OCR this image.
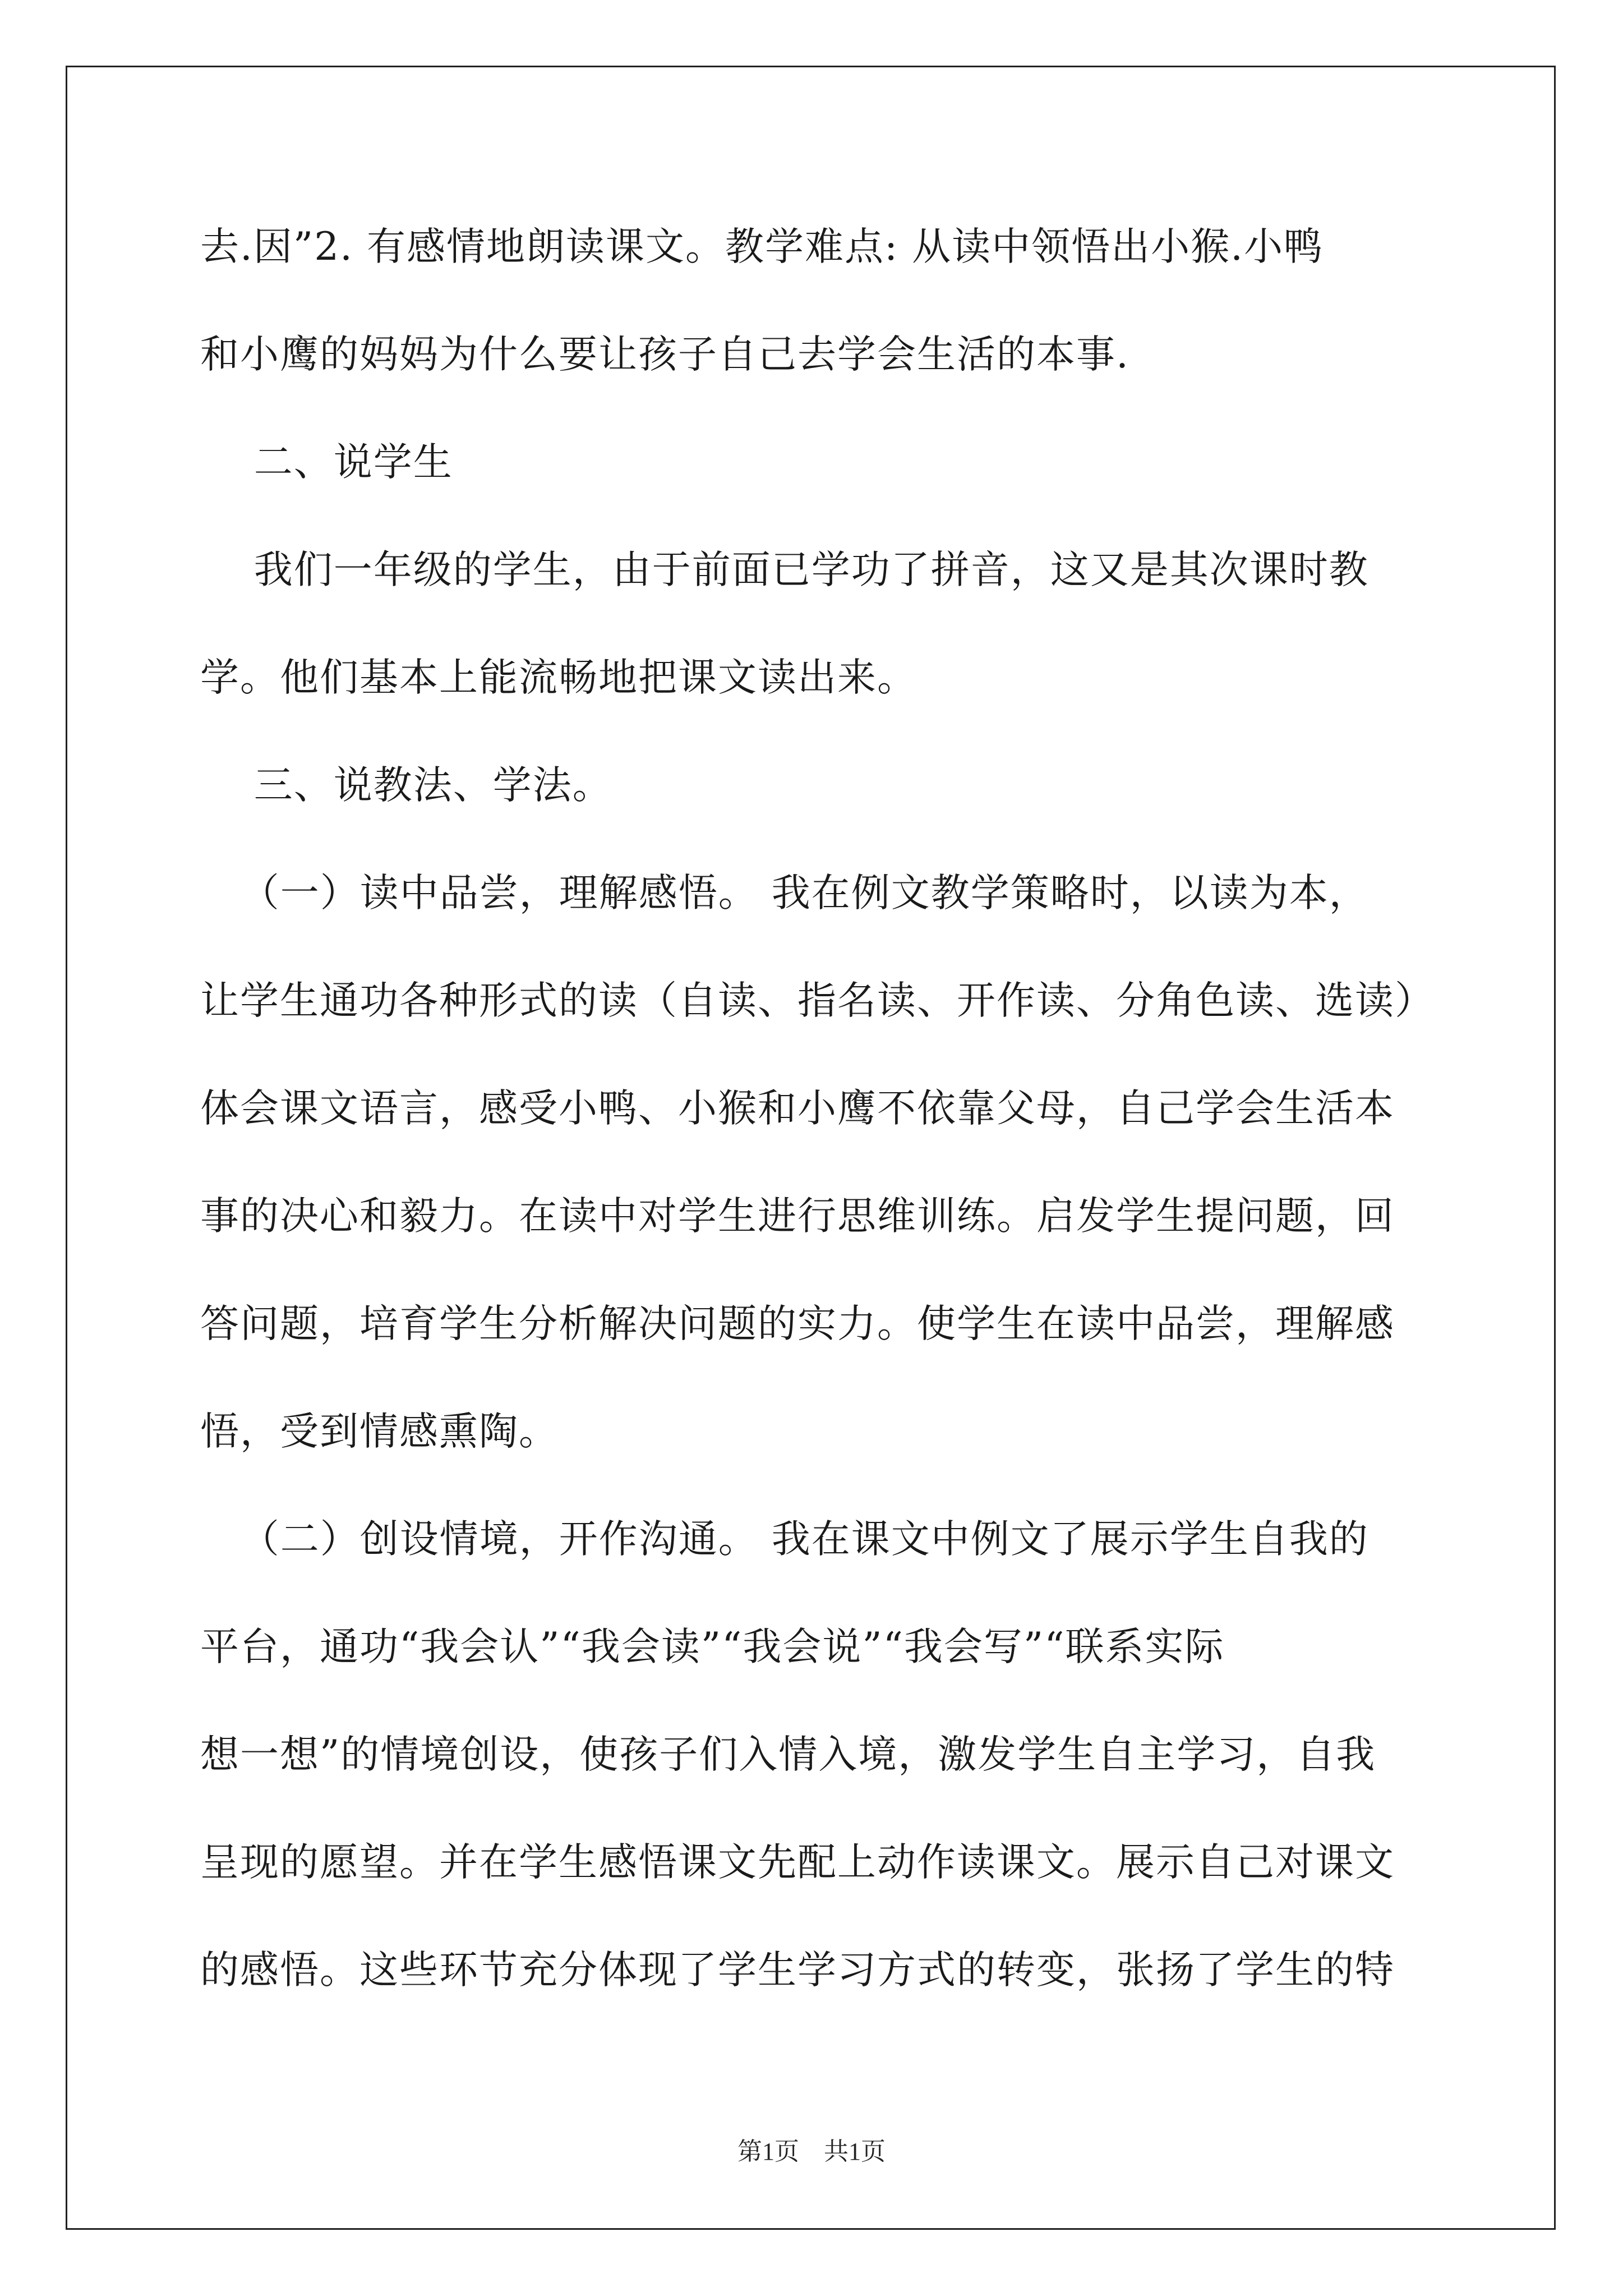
去.因”2. 有感情地朗读课文。教学难点: 从读中领悟出小猴.小鸭
和小鹰的妈妈为什么要让孩子自己去学会生活的本事.
二、说学生
我们一年级的学生，由于前面已学功了拼音，这又是其次课时教
学。他们基本上能流畅地把课文读出来。
三、说教法、学法。
（一）读中品尝，理解感悟。 我在例文教学策略时，以读为本，
让学生通功各种形式的读（自读、指名读、开作读、分角色读、选读）
体会课文语言，感受小鸭、小猴和小鹰不依靠父母，自己学会生活本
事的决心和毅力。在读中对学生进行思维训练。启发学生提问题，回
答问题，培育学生分析解决问题的实力。使学生在读中品尝，理解感
悟，受到情感熏陶。
（二）创设情境，开作沟通。 我在课文中例文了展示学生自我的
平台，通功“我会认”“我会读”“我会说”“我会写”“联系实际
想一想”的情境创设，使孩子们入情入境，激发学生自主学习，自我
呈现的愿望。并在学生感悟课文先配上动作读课文。展示自己对课文
的感悟。这些环节充分体现了学生学习方式的转变，张扬了学生的特
第1页　共1页
